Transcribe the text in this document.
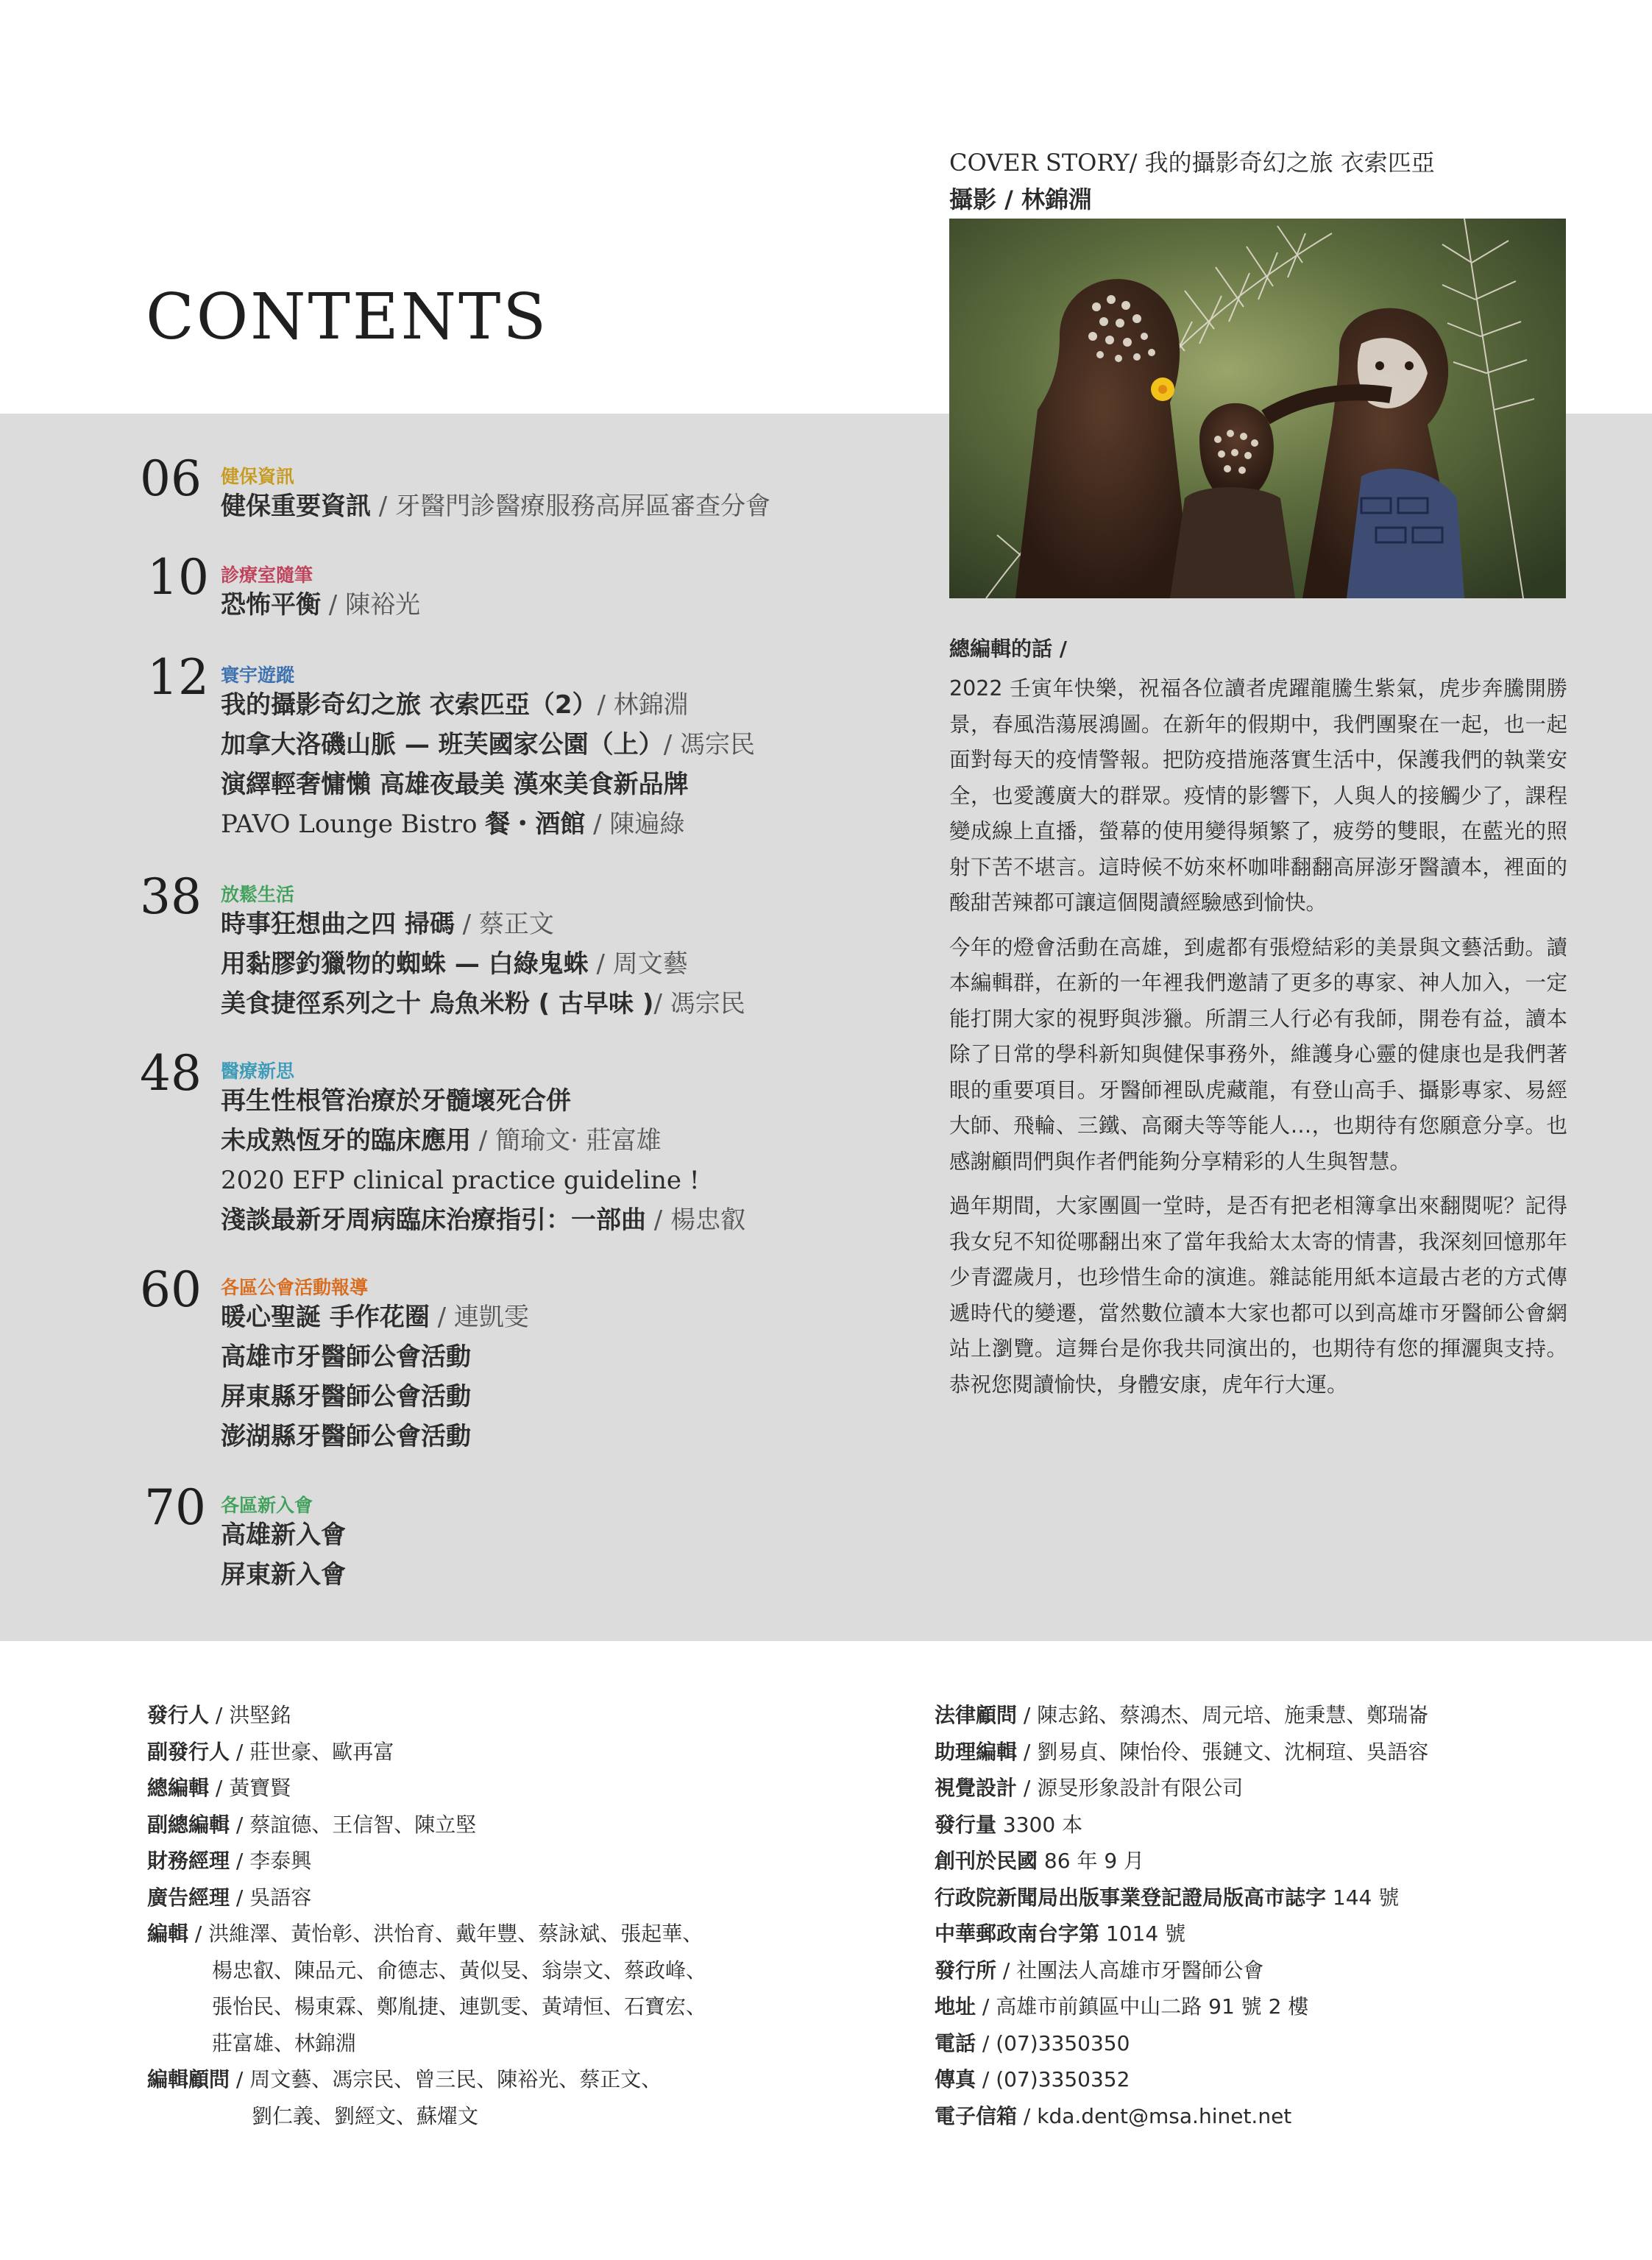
CONTENTS
COVER STORY/ 我的攝影奇幻之旅 衣索匹亞
攝影 / 林錦淵
06 健保資訊
健保重要資訊 / 牙醫門診醫療服務高屏區審查分會
10 診療室隨筆
恐怖平衡 / 陳裕光
12 寰宇遊蹤
我的攝影奇幻之旅 衣索匹亞（2）/ 林錦淵
加拿大洛磯山脈 — 班芙國家公園（上）/ 馮宗民
演繹輕奢慵懶 高雄夜最美 漢來美食新品牌
PAVO Lounge Bistro 餐・酒館 / 陳遍綠
38 放鬆生活
時事狂想曲之四 掃碼 / 蔡正文
用黏膠釣獵物的蜘蛛 — 白綠鬼蛛 / 周文藝
美食捷徑系列之十 烏魚米粉 ( 古早味 )/ 馮宗民
48 醫療新思
再生性根管治療於牙髓壞死合併
未成熟恆牙的臨床應用 / 簡瑜文· 莊富雄
2020 EFP clinical practice guideline !
淺談最新牙周病臨床治療指引：一部曲 / 楊忠叡
60 各區公會活動報導
暖心聖誕 手作花圈 / 連凱雯
高雄市牙醫師公會活動
屏東縣牙醫師公會活動
澎湖縣牙醫師公會活動
70 各區新入會
高雄新入會
屏東新入會
總編輯的話 /

2022 壬寅年快樂，祝福各位讀者虎躍龍騰生紫氣，虎步奔騰開勝景，春風浩蕩展鴻圖。在新年的假期中，我們團聚在一起，也一起面對每天的疫情警報。把防疫措施落實生活中，保護我們的執業安全，也愛護廣大的群眾。疫情的影響下，人與人的接觸少了，課程變成線上直播，螢幕的使用變得頻繁了，疲勞的雙眼，在藍光的照射下苦不堪言。這時候不妨來杯咖啡翻翻高屏澎牙醫讀本，裡面的酸甜苦辣都可讓這個閱讀經驗感到愉快。

今年的燈會活動在高雄，到處都有張燈結彩的美景與文藝活動。讀本編輯群，在新的一年裡我們邀請了更多的專家、神人加入，一定能打開大家的視野與涉獵。所謂三人行必有我師，開卷有益，讀本除了日常的學科新知與健保事務外，維護身心靈的健康也是我們著眼的重要項目。牙醫師裡臥虎藏龍，有登山高手、攝影專家、易經大師、飛輪、三鐵、高爾夫等等能人…，也期待有您願意分享。也感謝顧問們與作者們能夠分享精彩的人生與智慧。

過年期間，大家團圓一堂時，是否有把老相簿拿出來翻閱呢？記得我女兒不知從哪翻出來了當年我給太太寄的情書，我深刻回憶那年少青澀歲月，也珍惜生命的演進。雜誌能用紙本這最古老的方式傳遞時代的變遷，當然數位讀本大家也都可以到高雄市牙醫師公會網站上瀏覽。這舞台是你我共同演出的，也期待有您的揮灑與支持。恭祝您閱讀愉快，身體安康，虎年行大運。

發行人 / 洪堅銘
副發行人 / 莊世豪、歐再富
總編輯 / 黃寶賢
副總編輯 / 蔡誼德、王信智、陳立堅
財務經理 / 李泰興
廣告經理 / 吳語容
編輯 / 洪維澤、黃怡彰、洪怡育、戴年豐、蔡詠斌、張起華、
楊忠叡、陳品元、俞德志、黃似旻、翁崇文、蔡政峰、
張怡民、楊東霖、鄭胤捷、連凱雯、黃靖恒、石寶宏、
莊富雄、林錦淵
編輯顧問 / 周文藝、馮宗民、曾三民、陳裕光、蔡正文、
劉仁義、劉經文、蘇燿文
法律顧問 / 陳志銘、蔡鴻杰、周元培、施秉慧、鄭瑞崙
助理編輯 / 劉易貞、陳怡伶、張鏈文、沈桐瑄、吳語容
視覺設計 / 源旻形象設計有限公司
發行量 3300 本
創刊於民國 86 年 9 月
行政院新聞局出版事業登記證局版高市誌字 144 號
中華郵政南台字第 1014 號
發行所 / 社團法人高雄市牙醫師公會
地址 / 高雄市前鎮區中山二路 91 號 2 樓
電話 / (07)3350350
傳真 / (07)3350352
電子信箱 / kda.dent@msa.hinet.net
